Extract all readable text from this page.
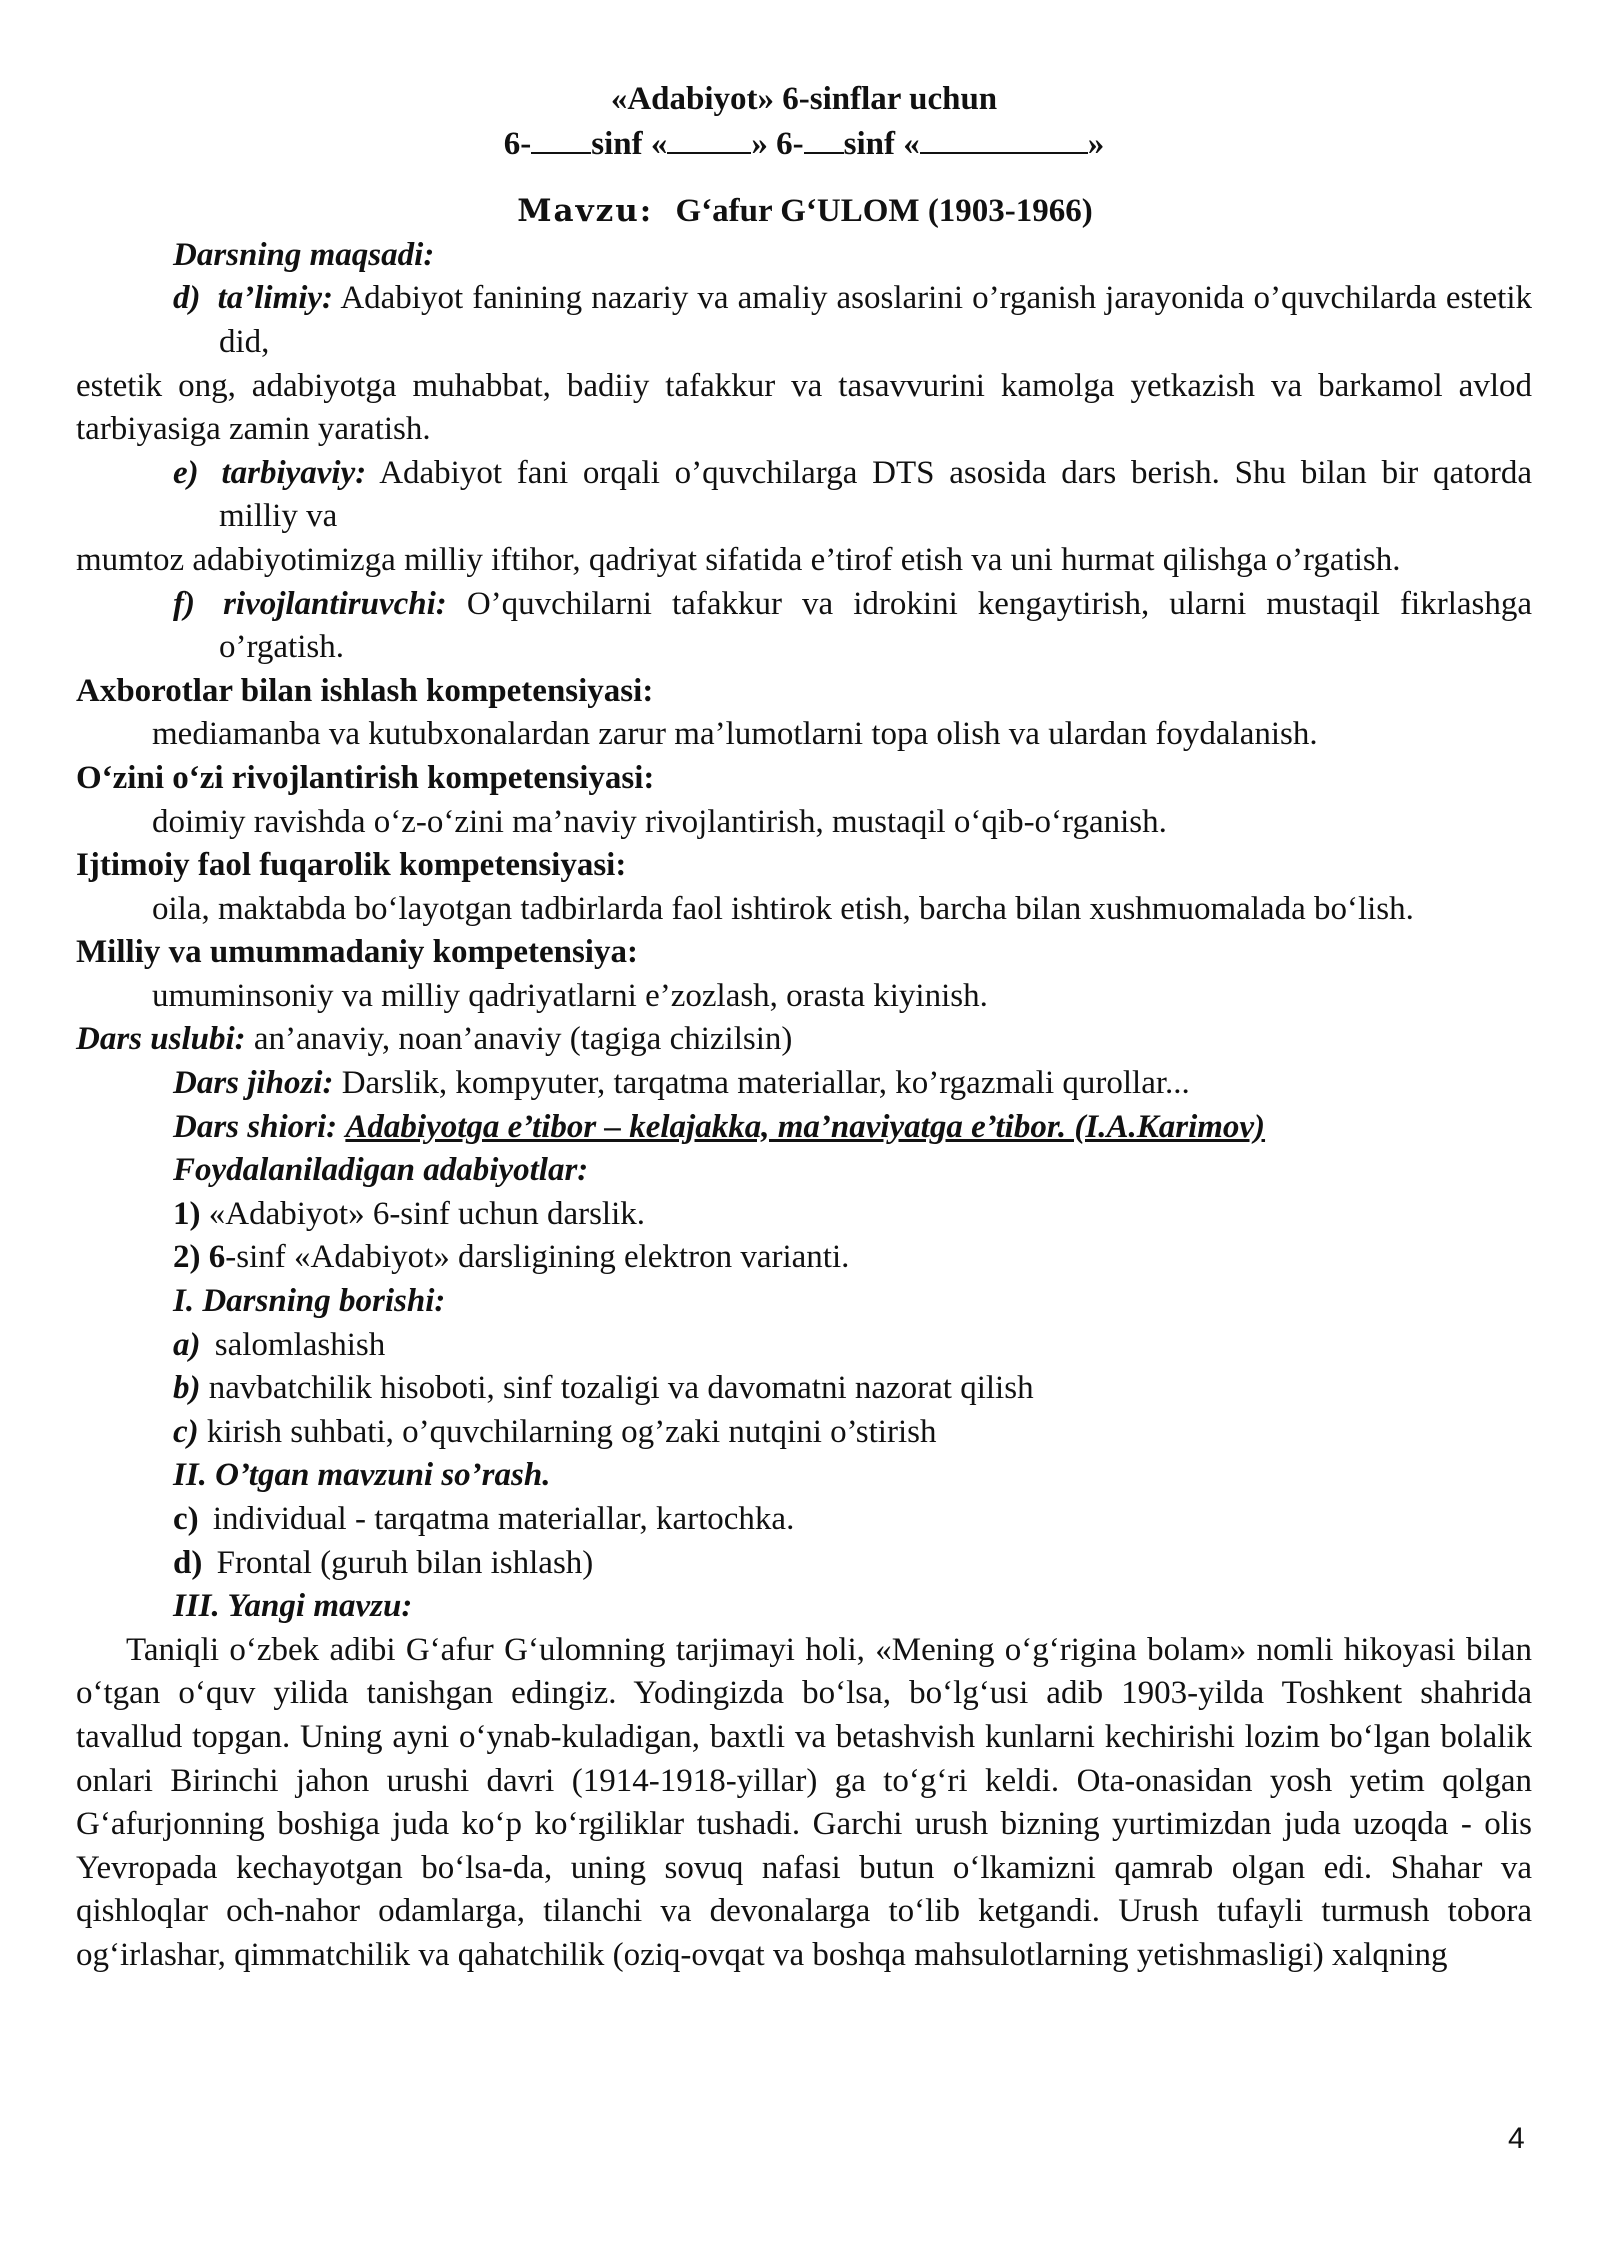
«Adabiyot» 6-sinflar uchun

6- sinf «	» 6- sinf «	»

Mavzu: G‘afur G‘ULOM (1903-1966)

Darsning maqsadi:

d) ta’limiy: Adabiyot fanining nazariy va amaliy asoslarini o’rganish jarayonida o’quvchilarda estetik did,

estetik ong, adabiyotga muhabbat, badiiy tafakkur va tasavvurini kamolga yetkazish va barkamol avlod tarbiyasiga zamin yaratish.

e) tarbiyaviy: Adabiyot fani orqali o’quvchilarga DTS asosida dars berish. Shu bilan bir qatorda milliy va

mumtoz adabiyotimizga milliy iftihor, qadriyat sifatida e’tirof etish va uni hurmat qilishga o’rgatish.

f) rivojlantiruvchi: O’quvchilarni tafakkur va idrokini kengaytirish, ularni mustaqil fikrlashga o’rgatish.

Axborotlar bilan ishlash kompetensiyasi:

mediamanba va kutubxonalardan zarur ma’lumotlarni topa olish va ulardan foydalanish.

O‘zini o‘zi rivojlantirish kompetensiyasi:

doimiy ravishda o‘z-o‘zini ma’naviy rivojlantirish, mustaqil o‘qib-o‘rganish.

Ijtimoiy faol fuqarolik kompetensiyasi:

oila, maktabda bo‘layotgan tadbirlarda faol ishtirok etish, barcha bilan xushmuomalada bo‘lish.

Milliy va umummadaniy kompetensiya:

umuminsoniy va milliy qadriyatlarni e’zozlash, orasta kiyinish.

Dars uslubi: an’anaviy, noan’anaviy (tagiga chizilsin)

Dars jihozi: Darslik, kompyuter, tarqatma materiallar, ko’rgazmali qurollar...

Dars shiori: Adabiyotga e’tibor – kelajakka, ma’naviyatga e’tibor. (I.A.Karimov)

Foydalaniladigan adabiyotlar:

1) «Adabiyot» 6-sinf uchun darslik.

2) 6-sinf «Adabiyot» darsligining elektron varianti.

I. Darsning borishi:

a) salomlashish

b) navbatchilik hisoboti, sinf tozaligi va davomatni nazorat qilish

c) kirish suhbati, o’quvchilarning og’zaki nutqini o’stirish

II. O’tgan mavzuni so’rash.

c) individual - tarqatma materiallar, kartochka.

d) Frontal (guruh bilan ishlash)

III. Yangi mavzu:

Taniqli o‘zbek adibi G‘afur G‘ulomning tarjimayi holi, «Mening o‘g‘rigina bolam» nomli hikoyasi bilan o‘tgan o‘quv yilida tanishgan edingiz. Yodingizda bo‘lsa, bo‘lg‘usi adib 1903-yilda Toshkent shahrida tavallud topgan. Uning ayni o‘ynab-kuladigan, baxtli va betashvish kunlarni kechirishi lozim bo‘lgan bolalik onlari Birinchi jahon urushi davri (1914-1918-yillar) ga to‘g‘ri keldi. Ota-onasidan yosh yetim qolgan G‘afurjonning boshiga juda ko‘p ko‘rgiliklar tushadi. Garchi urush bizning yurtimizdan juda uzoqda - olis Yevropada kechayotgan bo‘lsa-da, uning sovuq nafasi butun o‘lkamizni qamrab olgan edi. Shahar va qishloqlar och-nahor odamlarga, tilanchi va devonalarga to‘lib ketgandi. Urush tufayli turmush tobora og‘irlashar, qimmatchilik va qahatchilik (oziq-ovqat va boshqa mahsulotlarning yetishmasligi) xalqning

4
